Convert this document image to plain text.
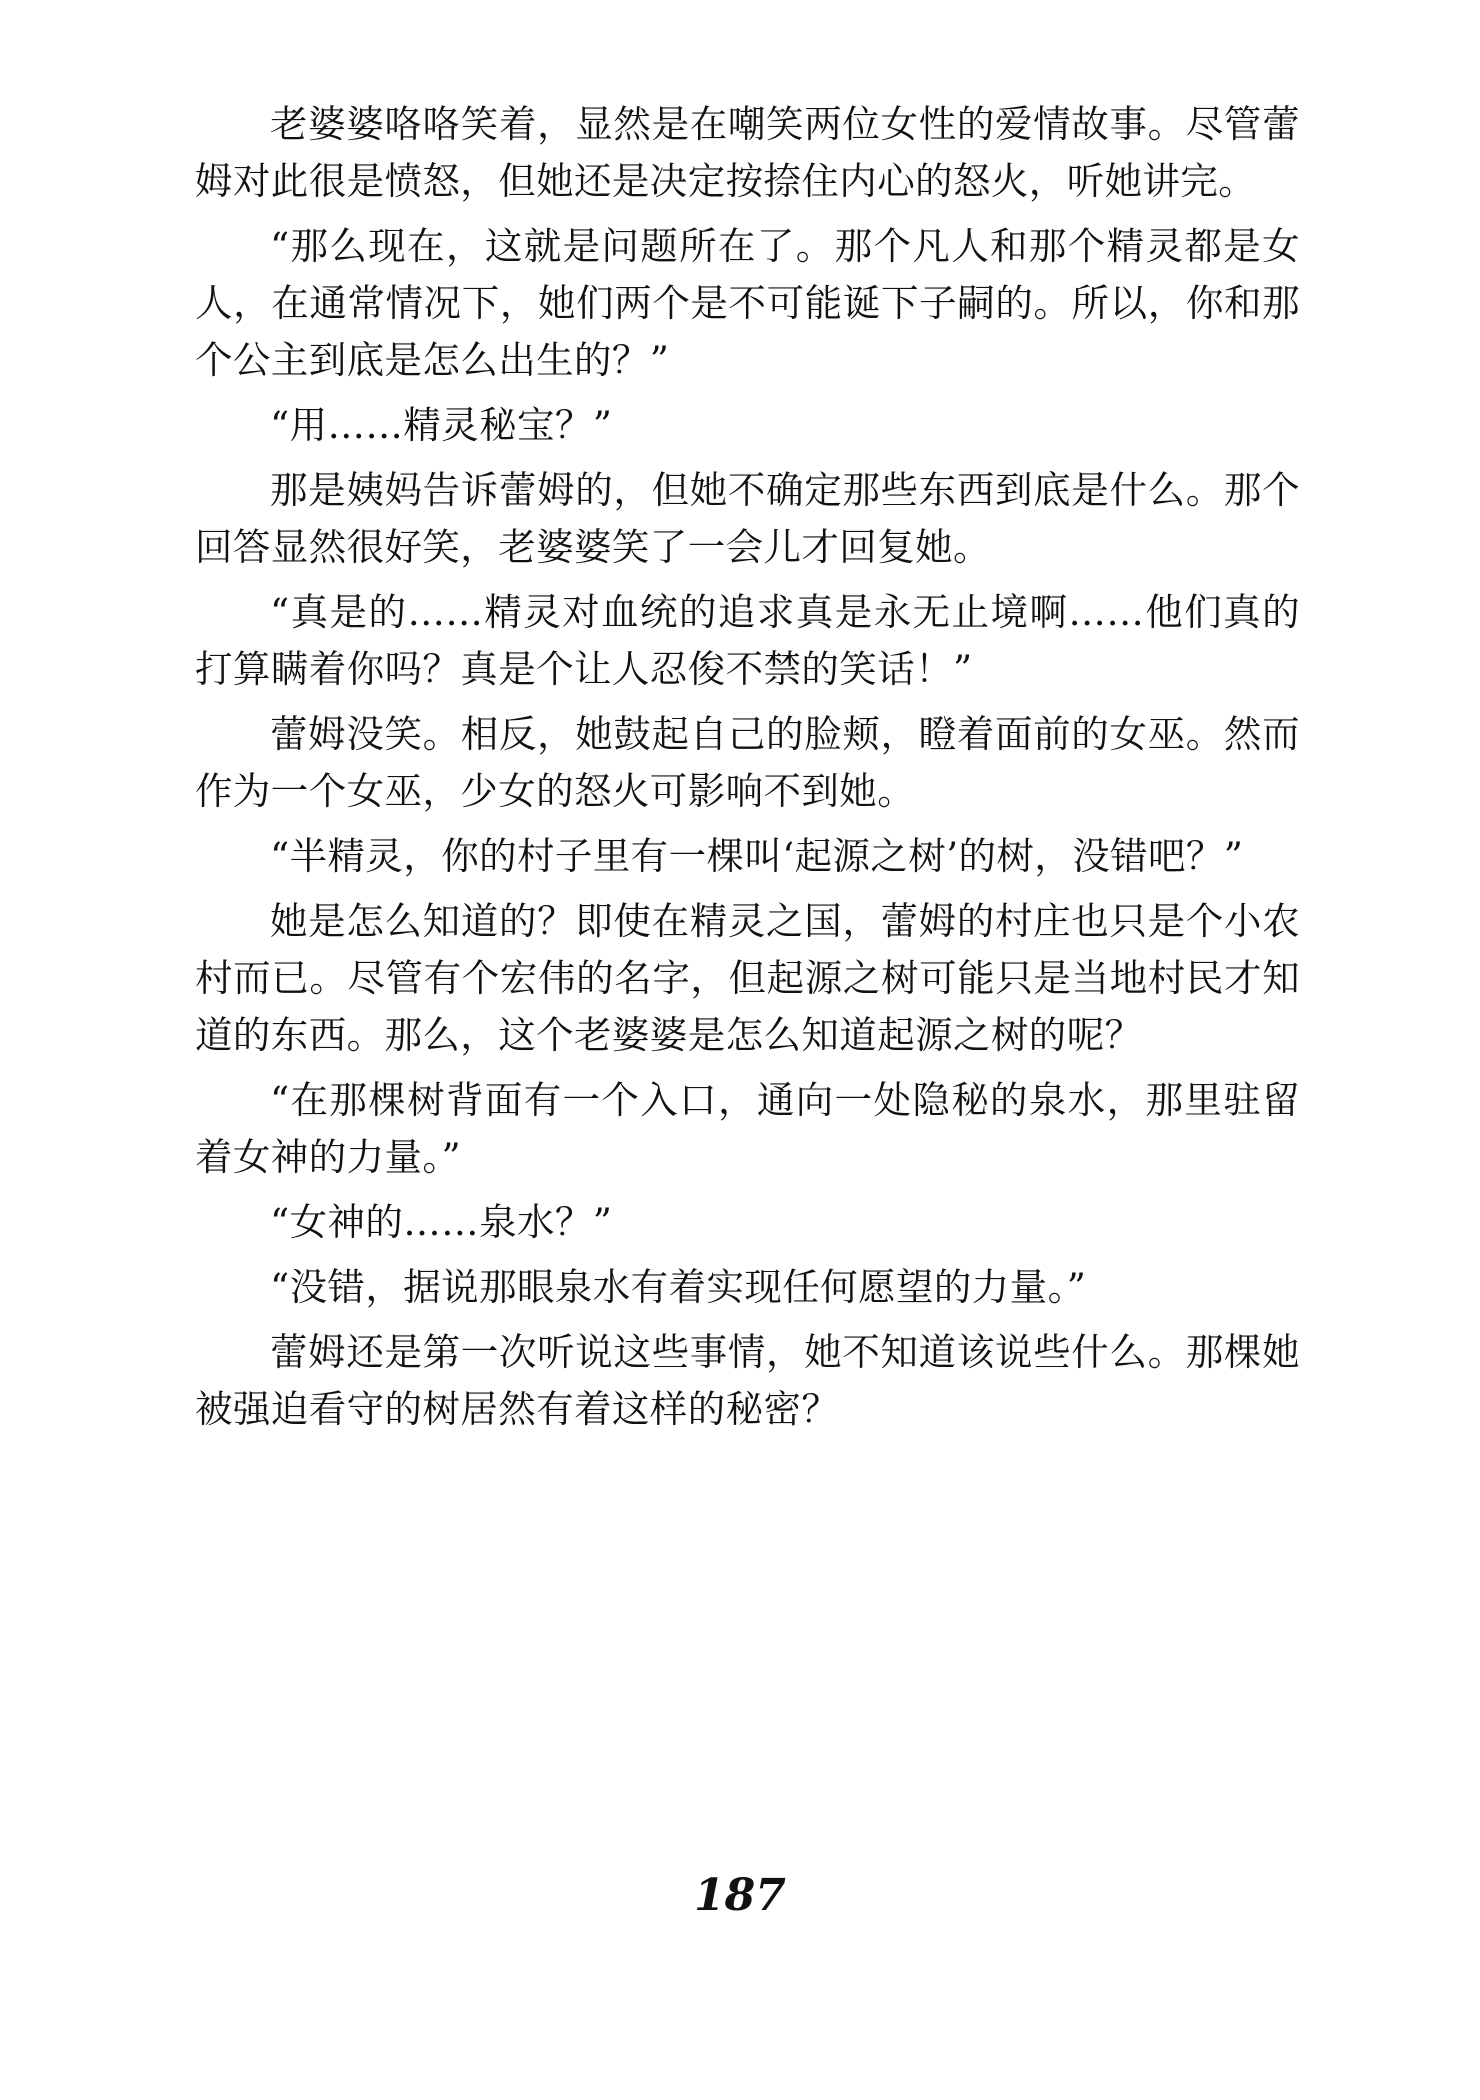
老婆婆咯咯笑着，显然是在嘲笑两位女性的爱情故事。尽管蕾姆对此很是愤怒，但她还是决定按捺住内心的怒火，听她讲完。

“那么现在，这就是问题所在了。那个凡人和那个精灵都是女人，在通常情况下，她们两个是不可能诞下子嗣的。所以，你和那个公主到底是怎么出生的？”

“用……精灵秘宝？”

那是姨妈告诉蕾姆的，但她不确定那些东西到底是什么。那个回答显然很好笑，老婆婆笑了一会儿才回复她。

“真是的……精灵对血统的追求真是永无止境啊……他们真的打算瞒着你吗？真是个让人忍俊不禁的笑话！”

蕾姆没笑。相反，她鼓起自己的脸颊，瞪着面前的女巫。然而作为一个女巫，少女的怒火可影响不到她。

“半精灵，你的村子里有一棵叫‘起源之树’的树，没错吧？”

她是怎么知道的？即使在精灵之国，蕾姆的村庄也只是个小农村而已。尽管有个宏伟的名字，但起源之树可能只是当地村民才知道的东西。那么，这个老婆婆是怎么知道起源之树的呢？

“在那棵树背面有一个入口，通向一处隐秘的泉水，那里驻留着女神的力量。”

“女神的……泉水？”

“没错，据说那眼泉水有着实现任何愿望的力量。”

蕾姆还是第一次听说这些事情，她不知道该说些什么。那棵她被强迫看守的树居然有着这样的秘密？

187
